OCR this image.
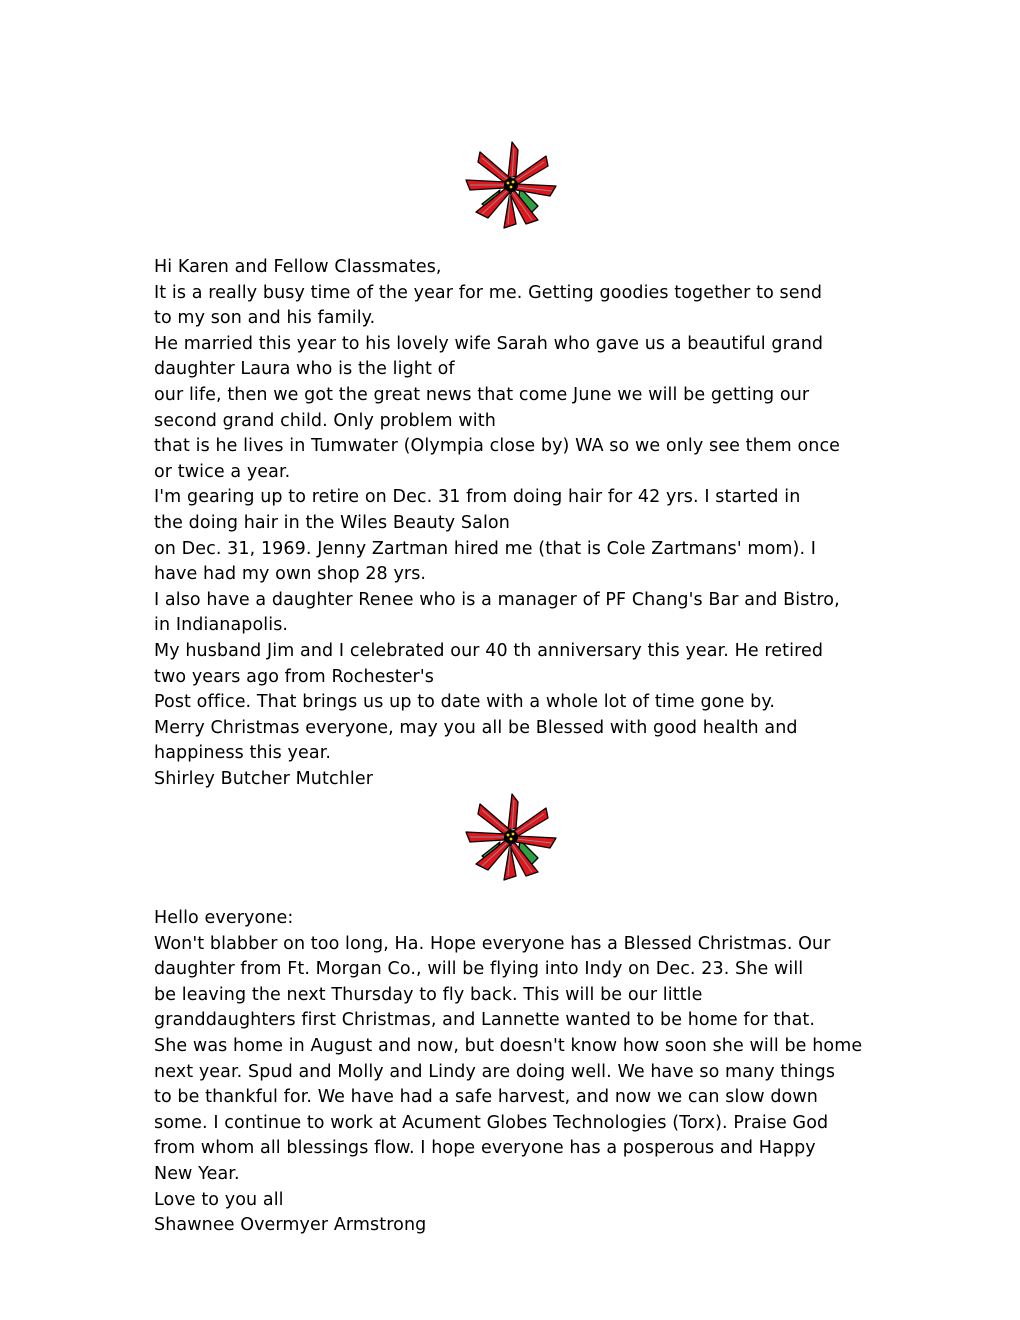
Hi Karen and Fellow Classmates,
It is a really busy time of the year for me. Getting goodies together to send
to my son and his family.
He married this year to his lovely wife Sarah who gave us a beautiful grand
daughter Laura who is the light of
our life, then we got the great news that come June we will be getting our
second grand child. Only problem with
that is he lives in Tumwater (Olympia close by) WA so we only see them once
or twice a year.
I'm gearing up to retire on Dec. 31 from doing hair for 42 yrs. I started in
the doing hair in the Wiles Beauty Salon
on Dec. 31, 1969. Jenny Zartman hired me (that is Cole Zartmans' mom). I
have had my own shop 28 yrs.
I also have a daughter Renee who is a manager of PF Chang's Bar and Bistro,
in Indianapolis.
My husband Jim and I celebrated our 40 th anniversary this year. He retired
two years ago from Rochester's
Post office. That brings us up to date with a whole lot of time gone by.
Merry Christmas everyone, may you all be Blessed with good health and
happiness this year.
Shirley Butcher Mutchler
Hello everyone:
Won't blabber on too long, Ha. Hope everyone has a Blessed Christmas. Our
daughter from Ft. Morgan Co., will be flying into Indy on Dec. 23. She will
be leaving the next Thursday to fly back. This will be our little
granddaughters first Christmas, and Lannette wanted to be home for that.
She was home in August and now, but doesn't know how soon she will be home
next year. Spud and Molly and Lindy are doing well. We have so many things
to be thankful for. We have had a safe harvest, and now we can slow down
some. I continue to work at Acument Globes Technologies (Torx). Praise God
from whom all blessings flow. I hope everyone has a posperous and Happy
New Year.
Love to you all
Shawnee Overmyer Armstrong
